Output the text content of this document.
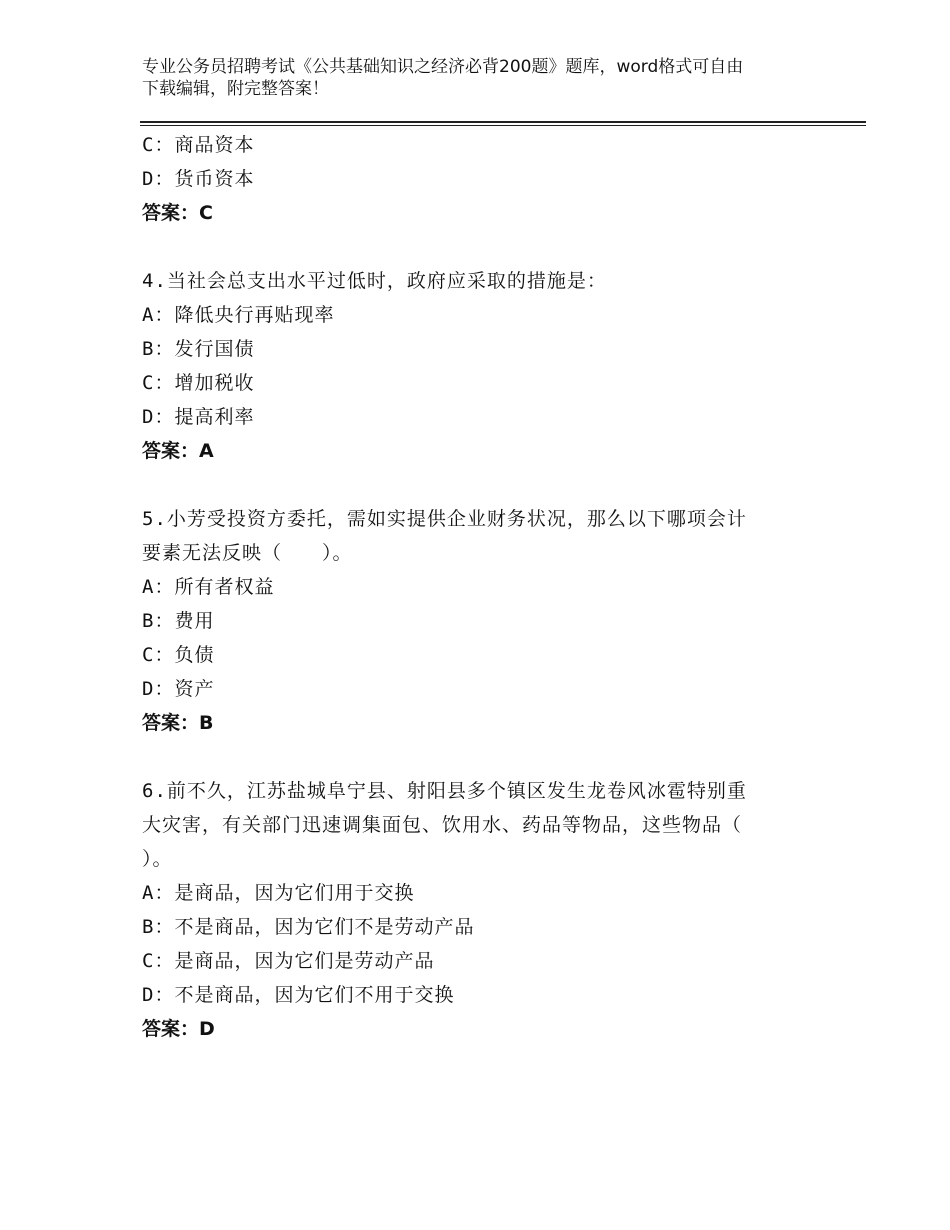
专业公务员招聘考试《公共基础知识之经济必背200题》题库，word格式可自由
下载编辑，附完整答案！
C：商品资本
D：货币资本
答案：C
4.当社会总支出水平过低时，政府应采取的措施是：
A：降低央行再贴现率
B：发行国债
C：增加税收
D：提高利率
答案：A
5.小芳受投资方委托，需如实提供企业财务状况，那么以下哪项会计
要素无法反映（　　）。
A：所有者权益
B：费用
C：负债
D：资产
答案：B
6.前不久，江苏盐城阜宁县、射阳县多个镇区发生龙卷风冰雹特别重
大灾害，有关部门迅速调集面包、饮用水、药品等物品，这些物品（
）。
A：是商品，因为它们用于交换
B：不是商品，因为它们不是劳动产品
C：是商品，因为它们是劳动产品
D：不是商品，因为它们不用于交换
答案：D
